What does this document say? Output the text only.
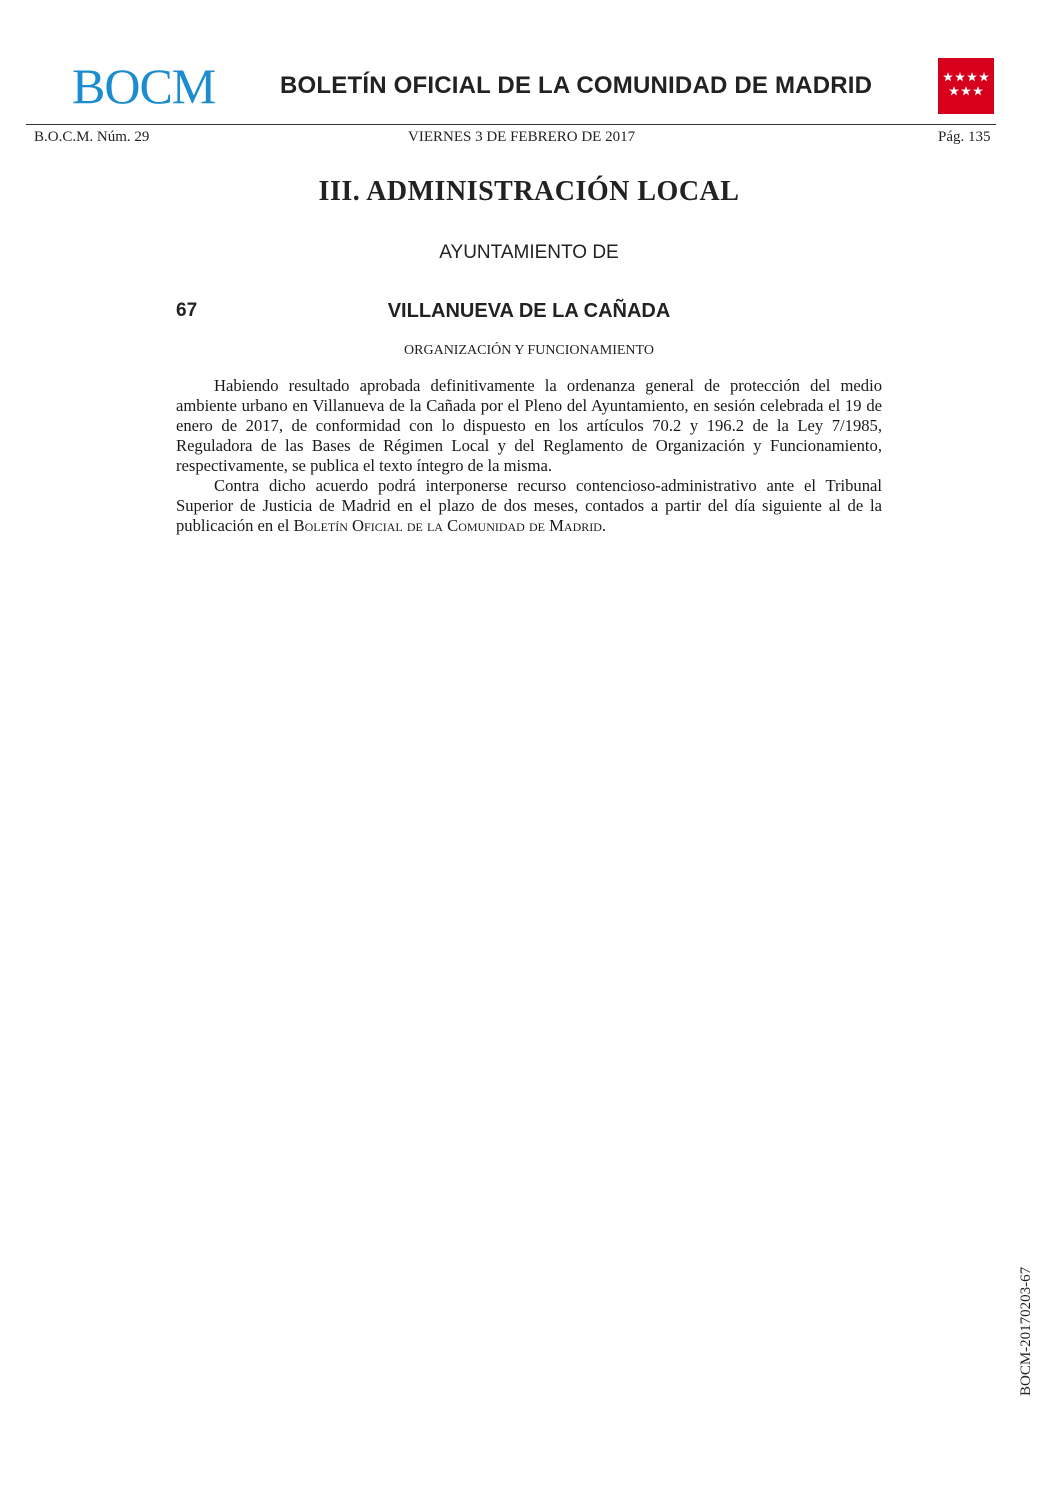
BOCM	BOLETÍN OFICIAL DE LA COMUNIDAD DE MADRID
B.O.C.M. Núm. 29	VIERNES 3 DE FEBRERO DE 2017	Pág. 135
III. ADMINISTRACIÓN LOCAL
AYUNTAMIENTO DE
67	VILLANUEVA DE LA CAÑADA
ORGANIZACIÓN Y FUNCIONAMIENTO

Habiendo resultado aprobada definitivamente la ordenanza general de protección del medio ambiente urbano en Villanueva de la Cañada por el Pleno del Ayuntamiento, en sesión celebrada el 19 de enero de 2017, de conformidad con lo dispuesto en los artículos 70.2 y 196.2 de la Ley 7/1985, Reguladora de las Bases de Régimen Local y del Reglamento de Organización y Funcionamiento, respectivamente, se publica el texto íntegro de la misma.

Contra dicho acuerdo podrá interponerse recurso contencioso-administrativo ante el Tribunal Superior de Justicia de Madrid en el plazo de dos meses, contados a partir del día siguiente al de la publicación en el Boletín Oficial de la Comunidad de Madrid.

BOCM-20170203-67
